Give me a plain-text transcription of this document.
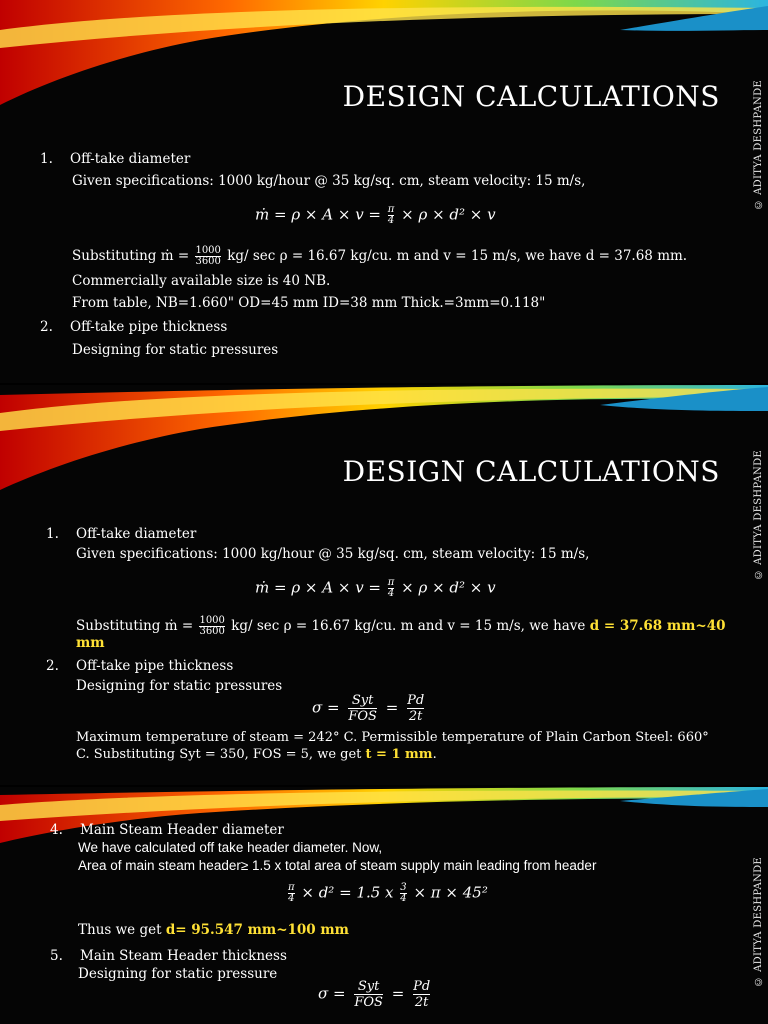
DESIGN CALCULATIONS	© ADITYA DESHPANDE
1. Off-take diameter
Given specifications: 1000 kg/hour @ 35 kg/sq. cm, steam velocity: 15 m/s,
ṁ = $\rho \times A \times v = \frac{\pi}{4} \times \rho \times d^2 \times v$
Substituting ṁ = $\frac{1000}{3600} kg/$ sec ρ = 16.67 kg/cu. m and v = 15 m/s, we have d = 37.68 mm.
Commercially available size is 40 NB.
From table, NB=1.660" OD=45 mm ID=38 mm Thick.=3mm=0.118"
2. Off-take pipe thickness
Designing for static pressures
DESIGN CALCULATIONS	© ADITYA DESHPANDE
1. Off-take diameter
Given specifications: 1000 kg/hour @ 35 kg/sq. cm, steam velocity: 15 m/s,
ṁ = $\rho \times A \times v = \frac{\pi}{4} \times \rho \times d^2 \times v$
Substituting ṁ = $\frac{1000}{3600} kg/$ sec ρ = 16.67 kg/cu. m and v = 15 m/s, we have d = 37.68 mm~40
mm
2. Off-take pipe thickness
Designing for static pressures
σ = Syt
FOS = $\frac{Pd}{2t}$
Maximum temperature of steam = 242° C. Permissible temperature of Plain Carbon Steel: 660°
C. Substituting Syt = 350, FOS = 5, we get t = 1 mm.
© ADITYA DESHPANDE
4. Main Steam Header diameter
We have calculated off take header diameter. Now,
Area of main steam header≥ 1.5 x total area of steam supply main leading from header
$\frac{\pi}{4} \times d^2 = 1.5$ x $\frac{3}{4} \times \pi \times 45^2$
Thus we get d= 95.547 mm~100 mm
5. Main Steam Header thickness
Designing for static pressure
σ = Syt
FOS = $\frac{Pd}{2t}$
